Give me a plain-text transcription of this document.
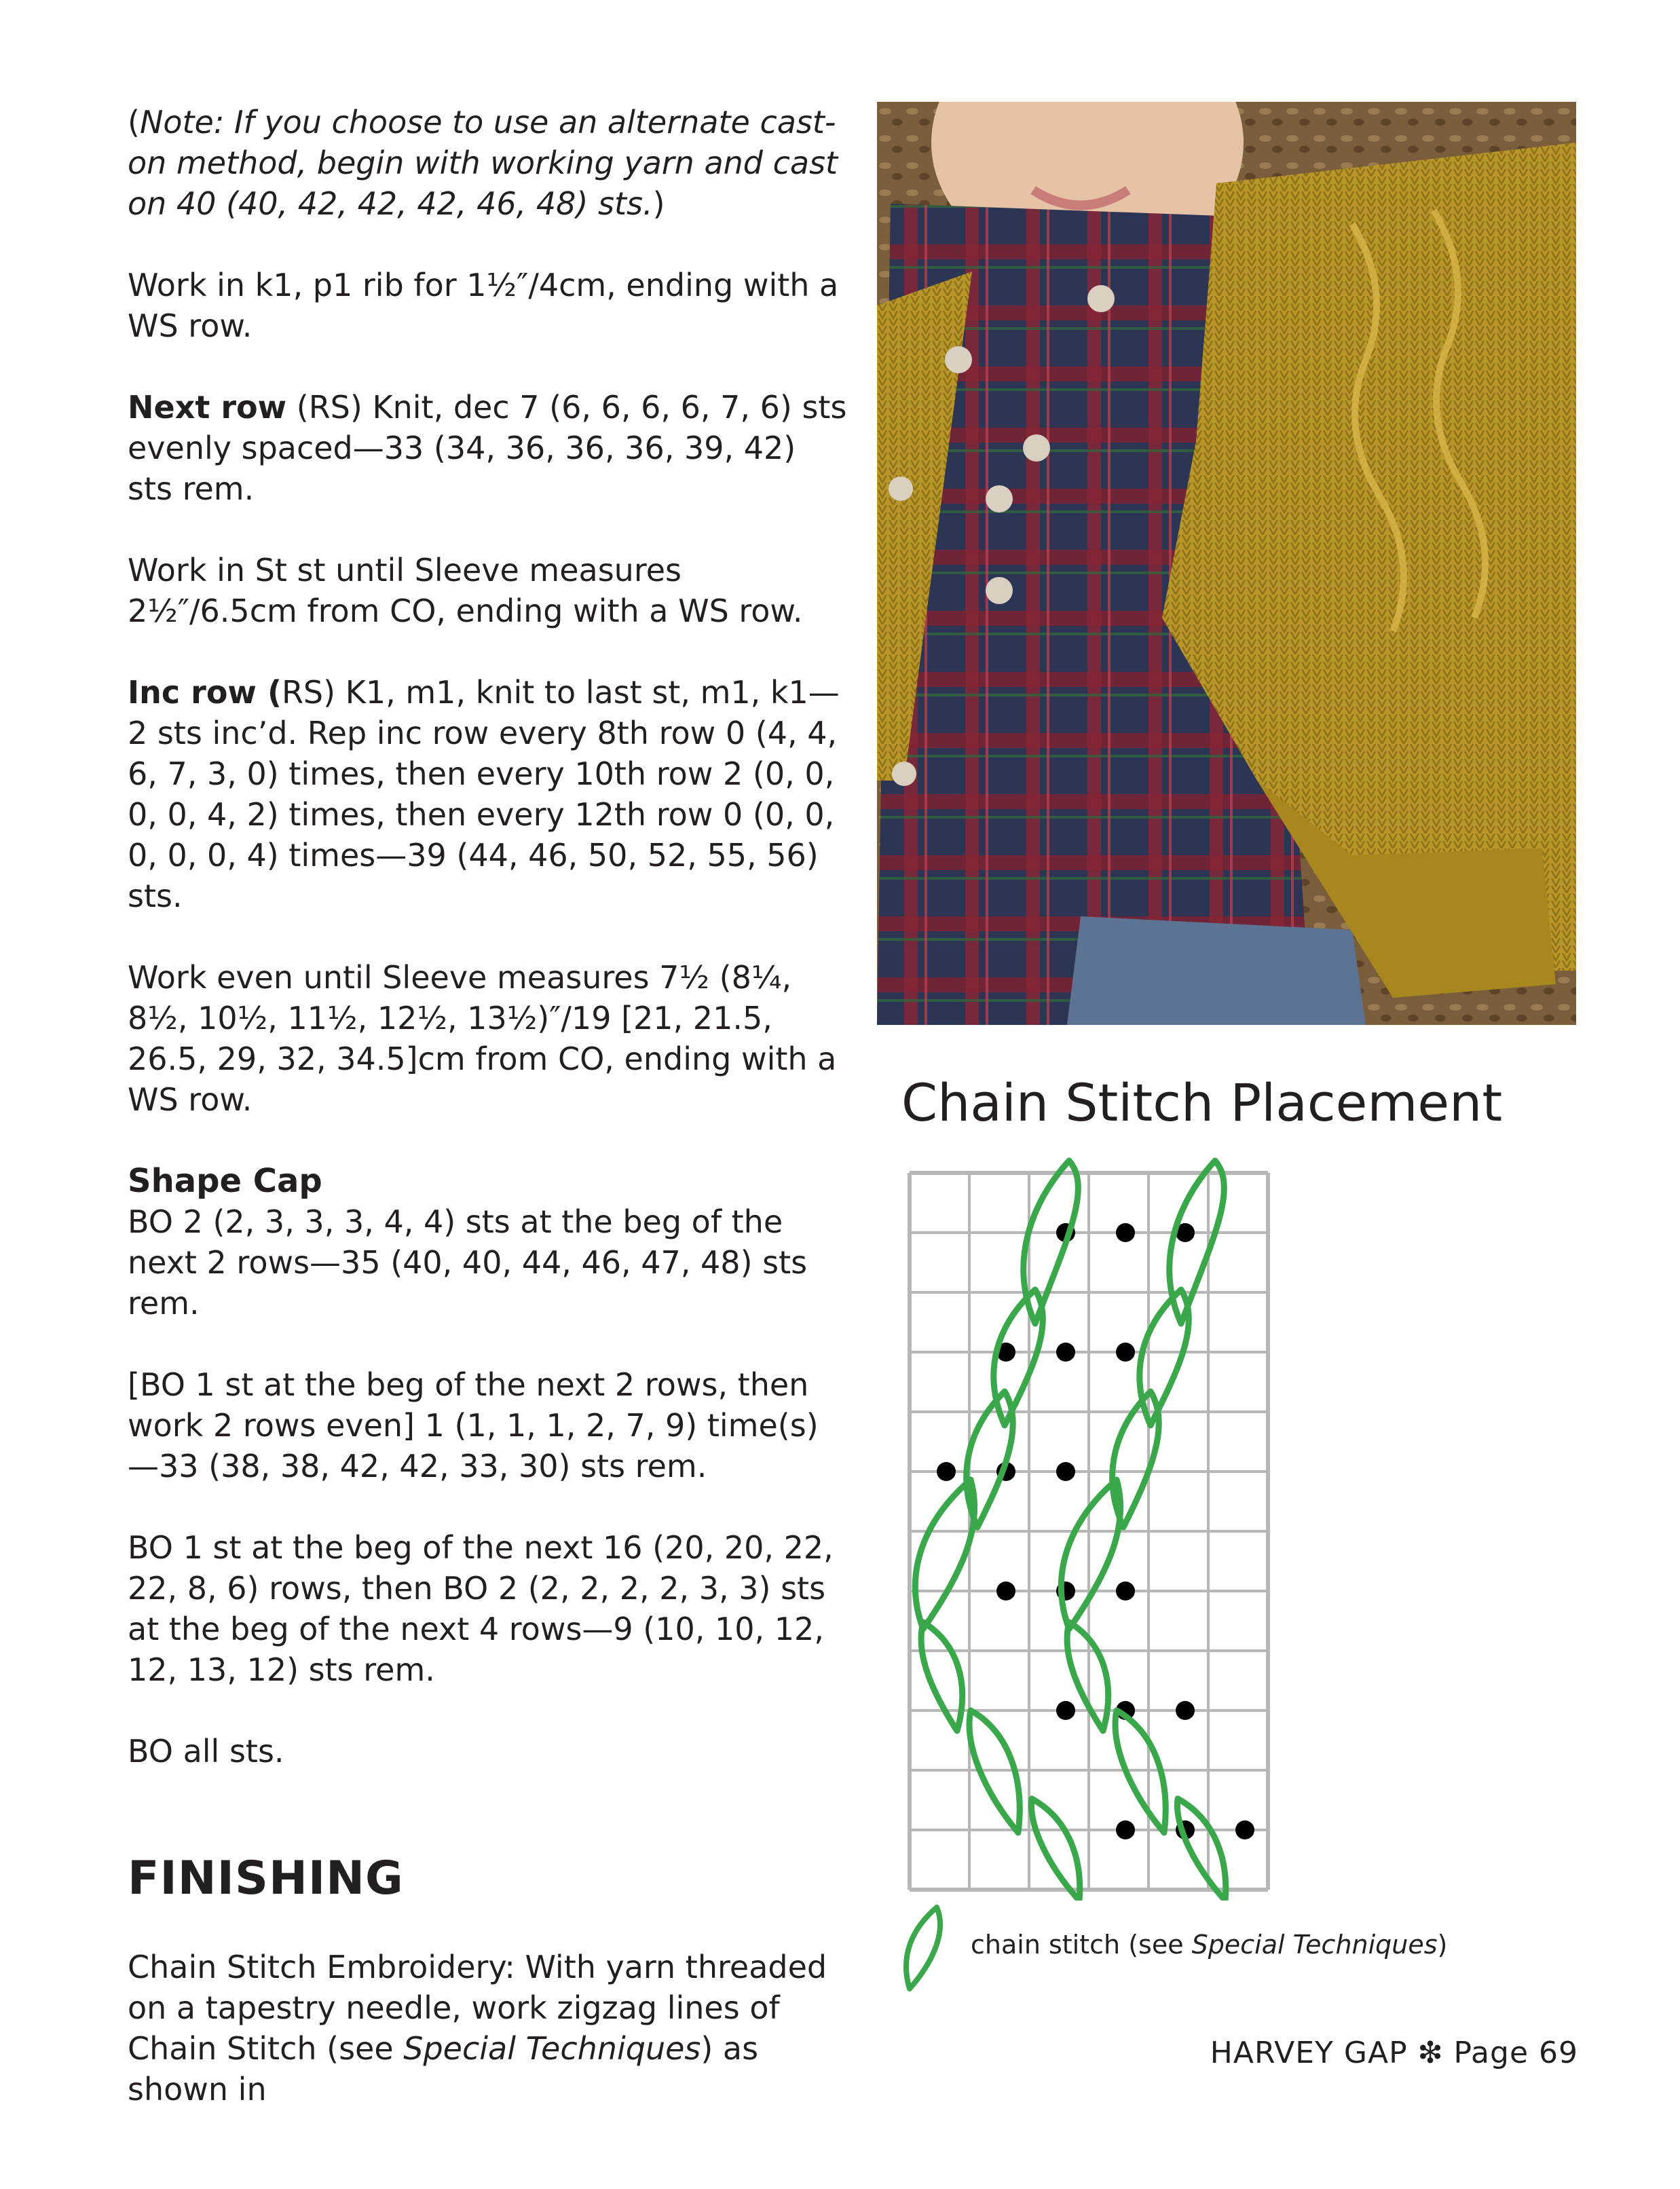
(Note: If you choose to use an alternate cast-on method, begin with working yarn and cast on 40 (40, 42, 42, 42, 46, 48) sts.)

Work in k1, p1 rib for 1½″/4cm, ending with a WS row.

Next row (RS) Knit, dec 7 (6, 6, 6, 6, 7, 6) sts evenly spaced—33 (34, 36, 36, 36, 39, 42) sts rem.

Work in St st until Sleeve measures 2½″/6.5cm from CO, ending with a WS row.

Inc row (RS) K1, m1, knit to last st, m1, k1—2 sts inc’d. Rep inc row every 8th row 0 (4, 4, 6, 7, 3, 0) times, then every 10th row 2 (0, 0, 0, 0, 4, 2) times, then every 12th row 0 (0, 0, 0, 0, 0, 4) times—39 (44, 46, 50, 52, 55, 56) sts.

Work even until Sleeve measures 7½ (8¼, 8½, 10½, 11½, 12½, 13½)″/19 [21, 21.5, 26.5, 29, 32, 34.5]cm from CO, ending with a WS row.

Shape Cap

BO 2 (2, 3, 3, 3, 4, 4) sts at the beg of the next 2 rows—35 (40, 40, 44, 46, 47, 48) sts rem.

[BO 1 st at the beg of the next 2 rows, then work 2 rows even] 1 (1, 1, 1, 2, 7, 9) time(s)—33 (38, 38, 42, 42, 33, 30) sts rem.

BO 1 st at the beg of the next 16 (20, 20, 22, 22, 8, 6) rows, then BO 2 (2, 2, 2, 2, 3, 3) sts at the beg of the next 4 rows—9 (10, 10, 12, 12, 13, 12) sts rem.

BO all sts.

FINISHING

Chain Stitch Embroidery: With yarn threaded on a tapestry needle, work zigzag lines of Chain Stitch (see Special Techniques) as shown in

Chain Stitch Placement
chain stitch (see Special Techniques)
HARVEY GAP ❇ Page 69
